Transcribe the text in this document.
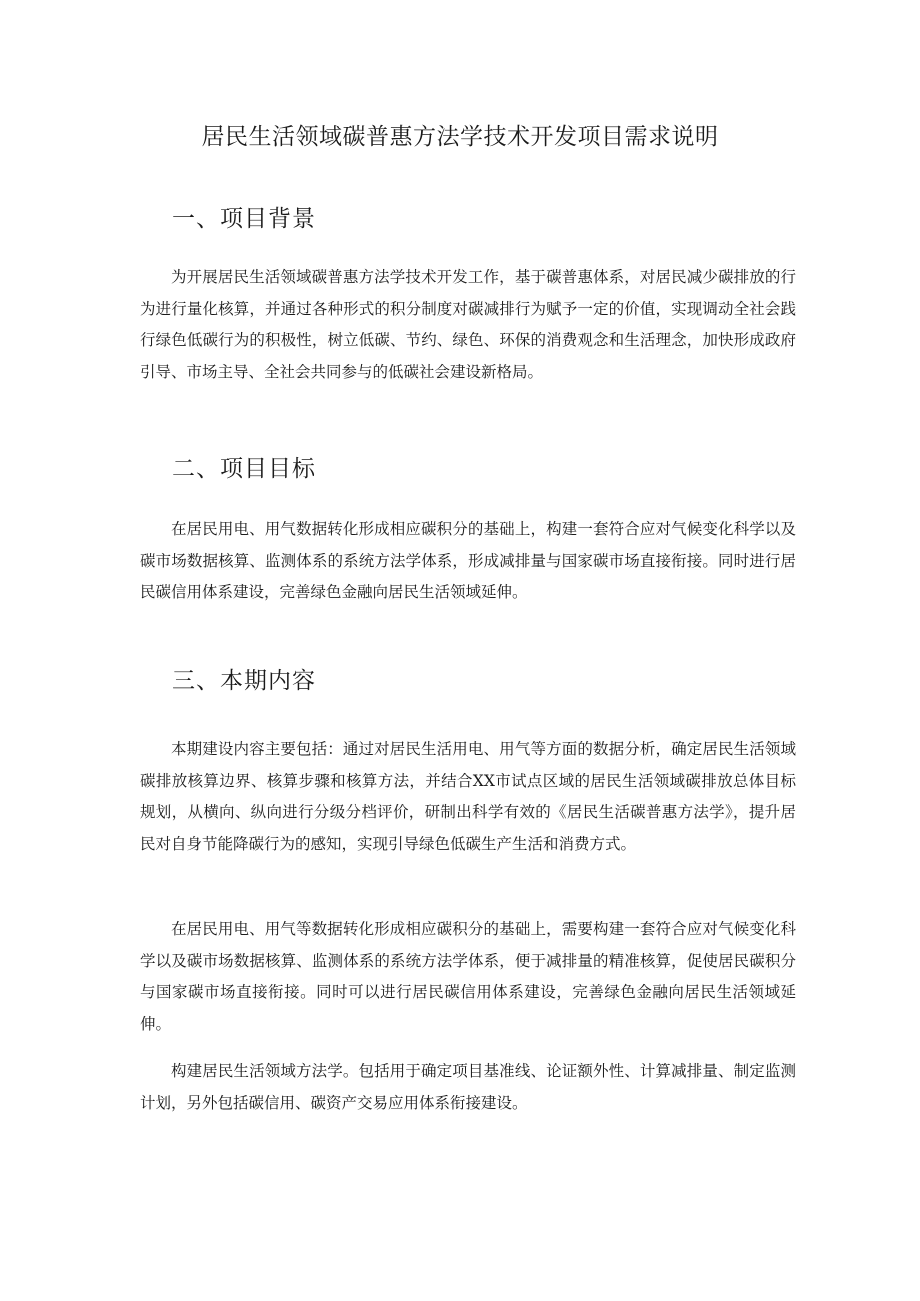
居民生活领域碳普惠方法学技术开发项目需求说明
一、项目背景

为开展居民生活领域碳普惠方法学技术开发工作，基于碳普惠体系，对居民减少碳排放的行为进行量化核算，并通过各种形式的积分制度对碳减排行为赋予一定的价值，实现调动全社会践行绿色低碳行为的积极性，树立低碳、节约、绿色、环保的消费观念和生活理念，加快形成政府引导、市场主导、全社会共同参与的低碳社会建设新格局。

二、项目目标

在居民用电、用气数据转化形成相应碳积分的基础上，构建一套符合应对气候变化科学以及碳市场数据核算、监测体系的系统方法学体系，形成减排量与国家碳市场直接衔接。同时进行居民碳信用体系建设，完善绿色金融向居民生活领域延伸。

三、本期内容

本期建设内容主要包括：通过对居民生活用电、用气等方面的数据分析，确定居民生活领域碳排放核算边界、核算步骤和核算方法，并结合XX市试点区域的居民生活领域碳排放总体目标规划，从横向、纵向进行分级分档评价，研制出科学有效的《居民生活碳普惠方法学》，提升居民对自身节能降碳行为的感知，实现引导绿色低碳生产生活和消费方式。

在居民用电、用气等数据转化形成相应碳积分的基础上，需要构建一套符合应对气候变化科学以及碳市场数据核算、监测体系的系统方法学体系，便于减排量的精准核算，促使居民碳积分与国家碳市场直接衔接。同时可以进行居民碳信用体系建设，完善绿色金融向居民生活领域延伸。

构建居民生活领域方法学。包括用于确定项目基准线、论证额外性、计算减排量、制定监测计划，另外包括碳信用、碳资产交易应用体系衔接建设。
